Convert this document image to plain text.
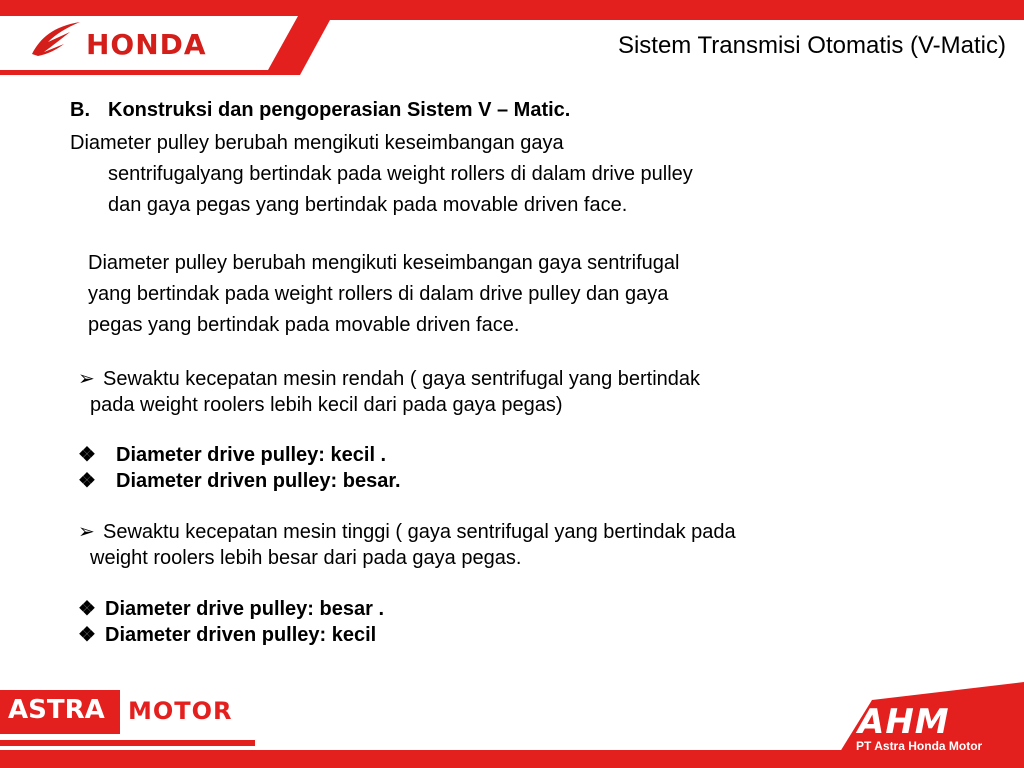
HONDA	Sistem Transmisi Otomatis (V-Matic)
B. Konstruksi dan pengoperasian Sistem V – Matic.
Diameter pulley berubah mengikuti keseimbangan gaya
sentrifugalyang bertindak pada weight rollers di dalam drive pulley
dan gaya pegas yang bertindak pada movable driven face.
Diameter pulley berubah mengikuti keseimbangan gaya sentrifugal
yang bertindak pada weight rollers di dalam drive pulley dan gaya
pegas yang bertindak pada movable driven face.
➢ Sewaktu kecepatan mesin rendah ( gaya sentrifugal yang bertindak
pada weight roolers lebih kecil dari pada gaya pegas)
❖ Diameter drive pulley: kecil .
❖ Diameter driven pulley: besar.
➢ Sewaktu kecepatan mesin tinggi ( gaya sentrifugal yang bertindak pada
weight roolers lebih besar dari pada gaya pegas.
❖ Diameter drive pulley: besar .
❖ Diameter driven pulley: kecil
ASTRA MOTOR	AHM
PT Astra Honda Motor
